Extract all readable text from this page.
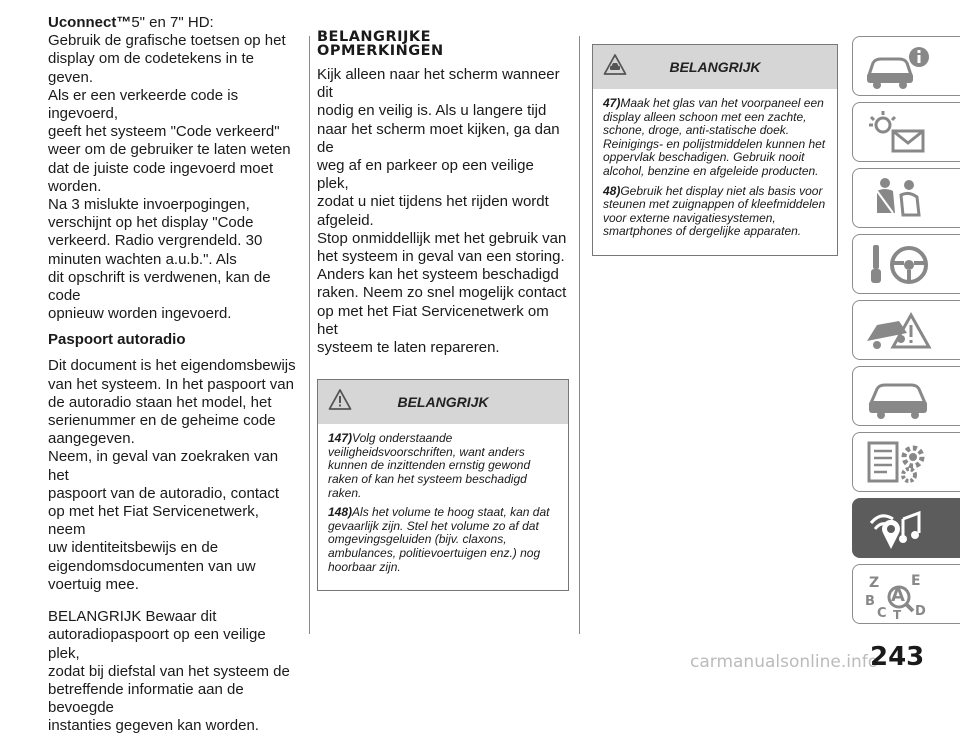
Uconnect™5" en 7" HD:
Gebruik de grafische toetsen op het
display om de codetekens in te geven.
Als er een verkeerde code is ingevoerd,
geeft het systeem "Code verkeerd"
weer om de gebruiker te laten weten
dat de juiste code ingevoerd moet
worden.
Na 3 mislukte invoerpogingen,
verschijnt op het display "Code
verkeerd. Radio vergrendeld. 30
minuten wachten a.u.b.". Als
dit opschrift is verdwenen, kan de code
opnieuw worden ingevoerd.

Paspoort autoradio

Dit document is het eigendomsbewijs
van het systeem. In het paspoort van
de autoradio staan het model, het
serienummer en de geheime code
aangegeven.
Neem, in geval van zoekraken van het
paspoort van de autoradio, contact
op met het Fiat Servicenetwerk, neem
uw identiteitsbewijs en de
eigendomsdocumenten van uw
voertuig mee.

BELANGRIJK Bewaar dit
autoradiopaspoort op een veilige plek,
zodat bij diefstal van het systeem de
betreffende informatie aan de bevoegde
instanties gegeven kan worden.

BELANGRIJKE
OPMERKINGEN

Kijk alleen naar het scherm wanneer dit
nodig en veilig is. Als u langere tijd
naar het scherm moet kijken, ga dan de
weg af en parkeer op een veilige plek,
zodat u niet tijdens het rijden wordt
afgeleid.
Stop onmiddellijk met het gebruik van
het systeem in geval van een storing.
Anders kan het systeem beschadigd
raken. Neem zo snel mogelijk contact
op met het Fiat Servicenetwerk om het
systeem te laten repareren.

BELANGRIJK

147)Volg onderstaande
veiligheidsvoorschriften, want anders
kunnen de inzittenden ernstig gewond
raken of kan het systeem beschadigd
raken.

148)Als het volume te hoog staat, kan dat
gevaarlijk zijn. Stel het volume zo af dat
omgevingsgeluiden (bijv. claxons,
ambulances, politievoertuigen enz.) nog
hoorbaar zijn.

BELANGRIJK

47)Maak het glas van het voorpaneel een
display alleen schoon met een zachte,
schone, droge, anti-statische doek.
Reinigings- en polijstmiddelen kunnen het
oppervlak beschadigen. Gebruik nooit
alcohol, benzine en afgeleide producten.

48)Gebruik het display niet als basis voor
steunen met zuignappen of kleefmiddelen
voor externe navigatiesystemen,
smartphones of dergelijke apparaten.

Z E
A
B
C D
T
carmanualsonline.info
243
